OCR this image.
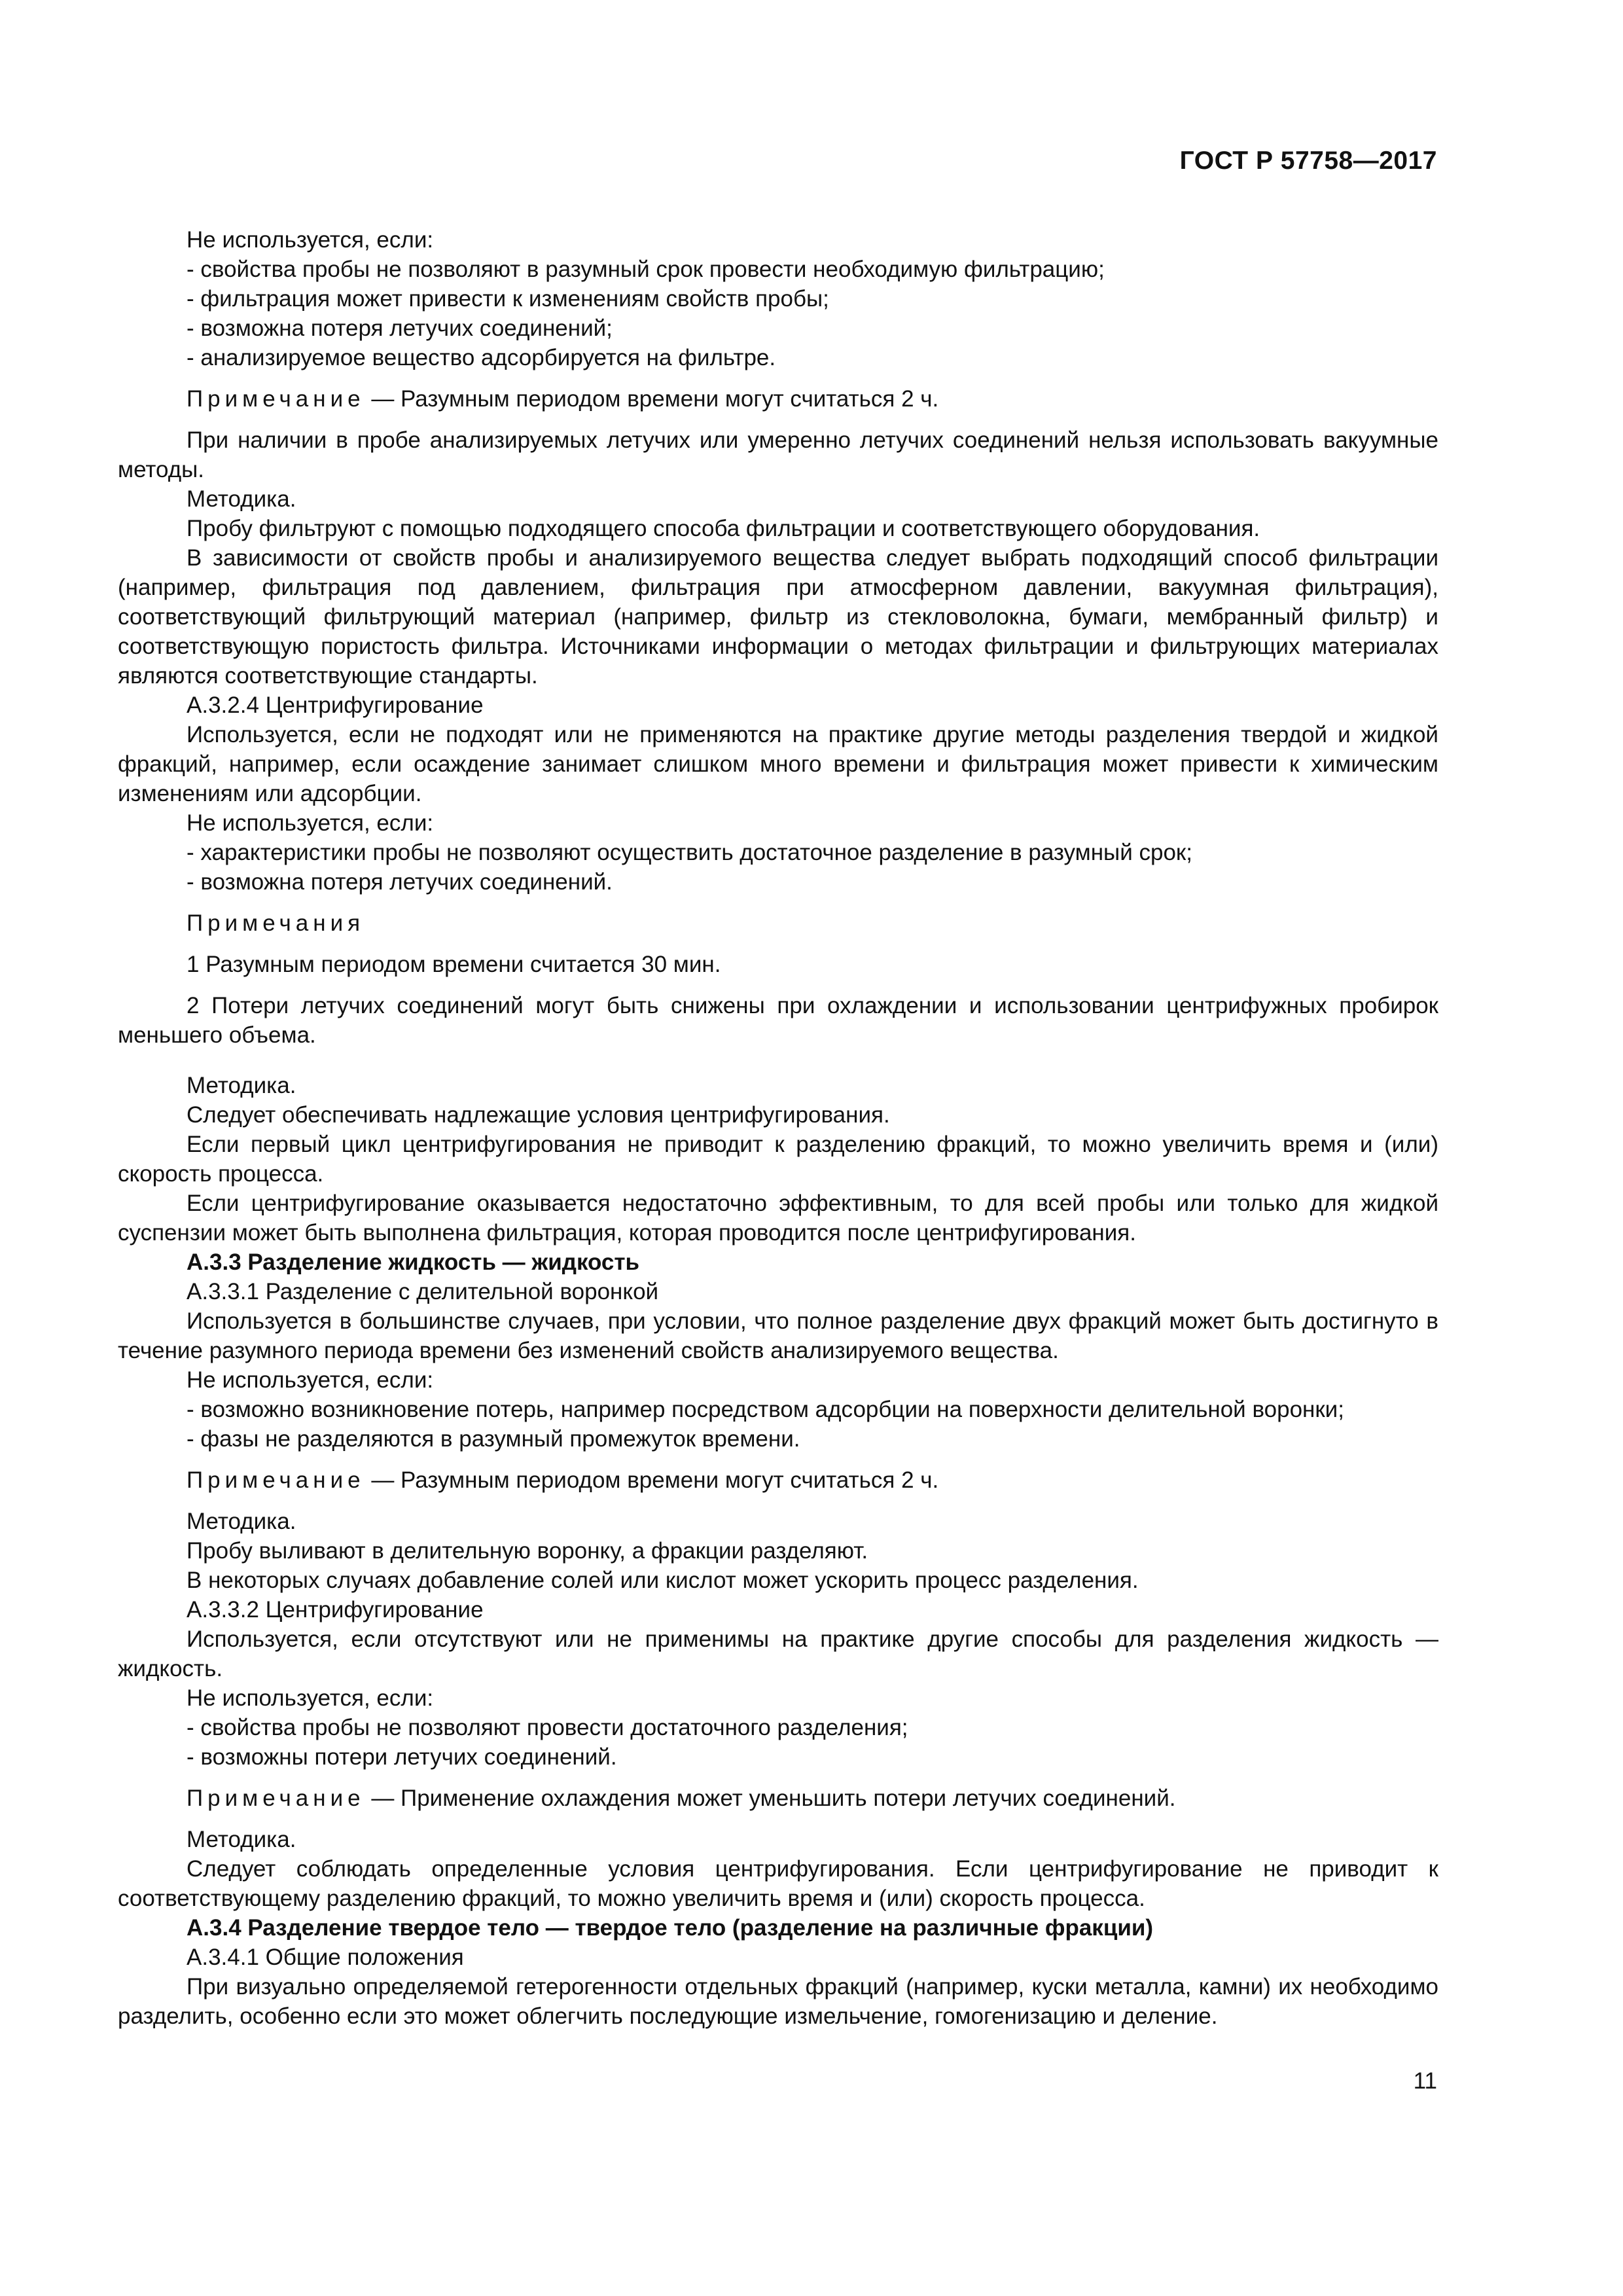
ГОСТ Р 57758—2017

Не используется, если:

- свойства пробы не позволяют в разумный срок провести необходимую фильтрацию;

- фильтрация может привести к изменениям свойств пробы;

- возможна потеря летучих соединений;

- анализируемое вещество адсорбируется на фильтре.

Примечание — Разумным периодом времени могут считаться 2 ч.

При наличии в пробе анализируемых летучих или умеренно летучих соединений нельзя использовать вакуумные методы.

Методика.

Пробу фильтруют с помощью подходящего способа фильтрации и соответствующего оборудования.

В зависимости от свойств пробы и анализируемого вещества следует выбрать подходящий способ фильтрации (например, фильтрация под давлением, фильтрация при атмосферном давлении, вакуумная фильтрация), соответствующий фильтрующий материал (например, фильтр из стекловолокна, бумаги, мембранный фильтр) и соответствующую пористость фильтра. Источниками информации о методах фильтрации и фильтрующих материалах являются соответствующие стандарты.

А.3.2.4 Центрифугирование

Используется, если не подходят или не применяются на практике другие методы разделения твердой и жидкой фракций, например, если осаждение занимает слишком много времени и фильтрация может привести к химическим изменениям или адсорбции.

Не используется, если:

- характеристики пробы не позволяют осуществить достаточное разделение в разумный срок;

- возможна потеря летучих соединений.

Примечания

1 Разумным периодом времени считается 30 мин.

2 Потери летучих соединений могут быть снижены при охлаждении и использовании центрифужных пробирок меньшего объема.

Методика.

Следует обеспечивать надлежащие условия центрифугирования.

Если первый цикл центрифугирования не приводит к разделению фракций, то можно увеличить время и (или) скорость процесса.

Если центрифугирование оказывается недостаточно эффективным, то для всей пробы или только для жидкой суспензии может быть выполнена фильтрация, которая проводится после центрифугирования.

А.3.3 Разделение жидкость — жидкость

А.3.3.1 Разделение с делительной воронкой

Используется в большинстве случаев, при условии, что полное разделение двух фракций может быть достигнуто в течение разумного периода времени без изменений свойств анализируемого вещества.

Не используется, если:

- возможно возникновение потерь, например посредством адсорбции на поверхности делительной воронки;

- фазы не разделяются в разумный промежуток времени.

Примечание — Разумным периодом времени могут считаться 2 ч.

Методика.

Пробу выливают в делительную воронку, а фракции разделяют.

В некоторых случаях добавление солей или кислот может ускорить процесс разделения.

А.3.3.2 Центрифугирование

Используется, если отсутствуют или не применимы на практике другие способы для разделения жидкость — жидкость.

Не используется, если:

- свойства пробы не позволяют провести достаточного разделения;

- возможны потери летучих соединений.

Примечание — Применение охлаждения может уменьшить потери летучих соединений.

Методика.

Следует соблюдать определенные условия центрифугирования. Если центрифугирование не приводит к соответствующему разделению фракций, то можно увеличить время и (или) скорость процесса.

А.3.4 Разделение твердое тело — твердое тело (разделение на различные фракции)

А.3.4.1 Общие положения

При визуально определяемой гетерогенности отдельных фракций (например, куски металла, камни) их необходимо разделить, особенно если это может облегчить последующие измельчение, гомогенизацию и деление.

11
